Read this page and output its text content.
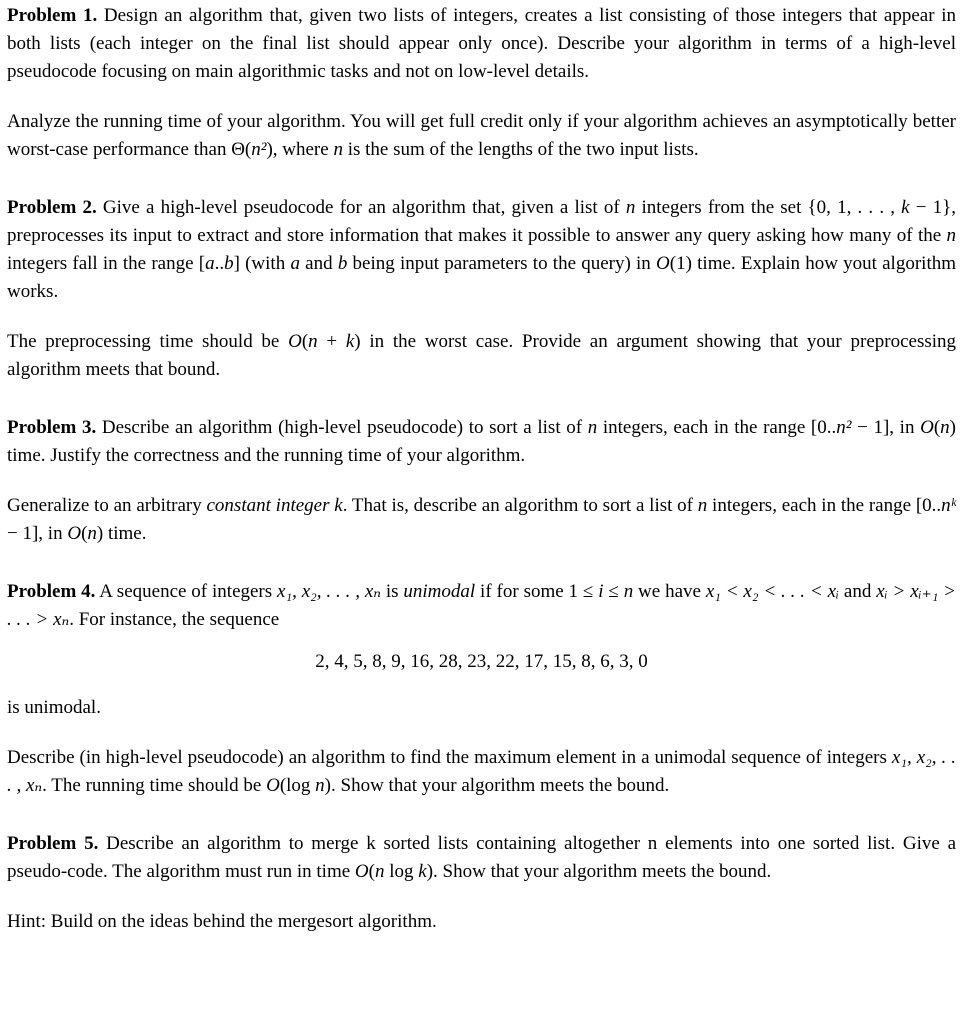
Problem 1. Design an algorithm that, given two lists of integers, creates a list consisting of those integers that appear in both lists (each integer on the final list should appear only once). Describe your algorithm in terms of a high-level pseudocode focusing on main algorithmic tasks and not on low-level details.

Analyze the running time of your algorithm. You will get full credit only if your algorithm achieves an asymptotically better worst-case performance than Θ(n²), where n is the sum of the lengths of the two input lists.

Problem 2. Give a high-level pseudocode for an algorithm that, given a list of n integers from the set {0, 1, . . . , k − 1}, preprocesses its input to extract and store information that makes it possible to answer any query asking how many of the n integers fall in the range [a..b] (with a and b being input parameters to the query) in O(1) time. Explain how yout algorithm works.

The preprocessing time should be O(n + k) in the worst case. Provide an argument showing that your preprocessing algorithm meets that bound.

Problem 3. Describe an algorithm (high-level pseudocode) to sort a list of n integers, each in the range [0..n² − 1], in O(n) time. Justify the correctness and the running time of your algorithm.

Generalize to an arbitrary constant integer k. That is, describe an algorithm to sort a list of n integers, each in the range [0..nᵏ − 1], in O(n) time.

Problem 4. A sequence of integers x₁, x₂, . . . , xₙ is unimodal if for some 1 ≤ i ≤ n we have x₁ < x₂ < . . . < xᵢ and xᵢ > xᵢ₊₁ > . . . > xₙ. For instance, the sequence

2, 4, 5, 8, 9, 16, 28, 23, 22, 17, 15, 8, 6, 3, 0

is unimodal.

Describe (in high-level pseudocode) an algorithm to find the maximum element in a unimodal sequence of integers x₁, x₂, . . . , xₙ. The running time should be O(log n). Show that your algorithm meets the bound.

Problem 5. Describe an algorithm to merge k sorted lists containing altogether n elements into one sorted list. Give a pseudo-code. The algorithm must run in time O(n log k). Show that your algorithm meets the bound.

Hint: Build on the ideas behind the mergesort algorithm.
